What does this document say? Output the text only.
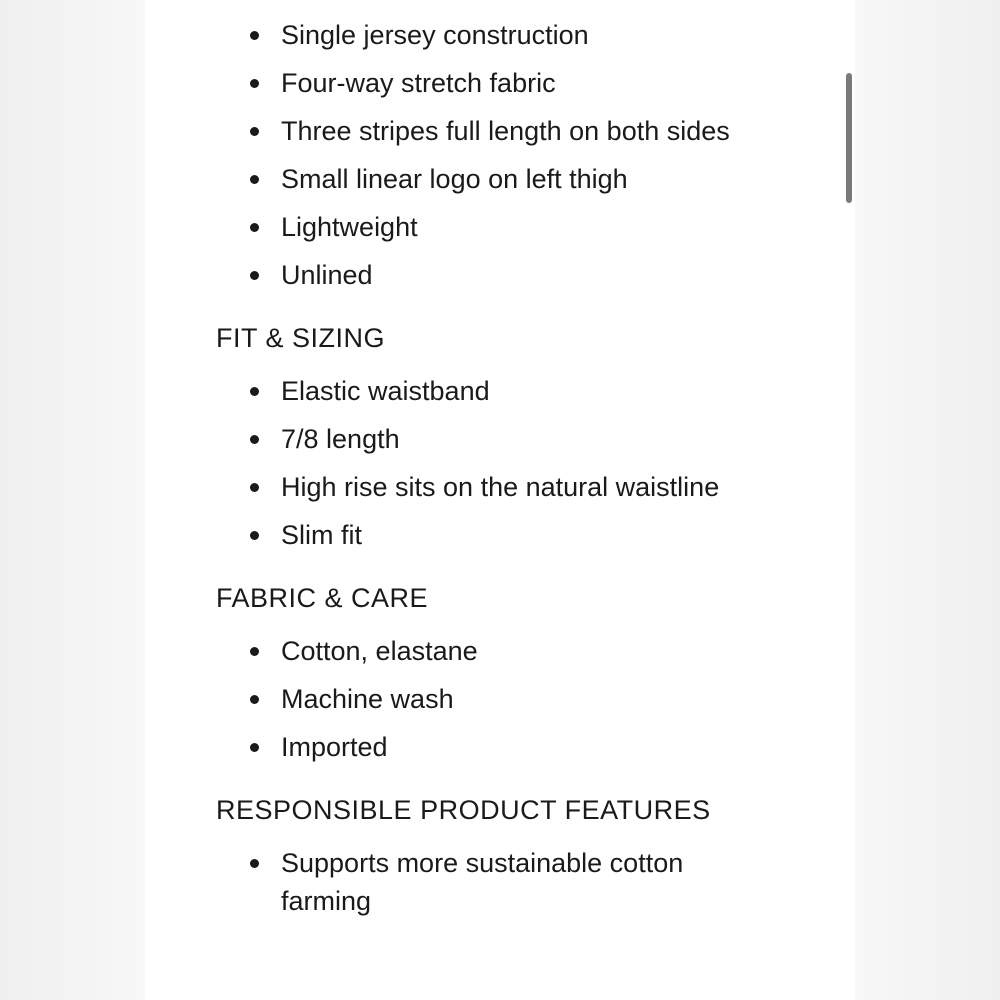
Single jersey construction
Four-way stretch fabric
Three stripes full length on both sides
Small linear logo on left thigh
Lightweight
Unlined
FIT & SIZING
Elastic waistband
7/8 length
High rise sits on the natural waistline
Slim fit
FABRIC & CARE
Cotton, elastane
Machine wash
Imported
RESPONSIBLE PRODUCT FEATURES
Supports more sustainable cotton farming
